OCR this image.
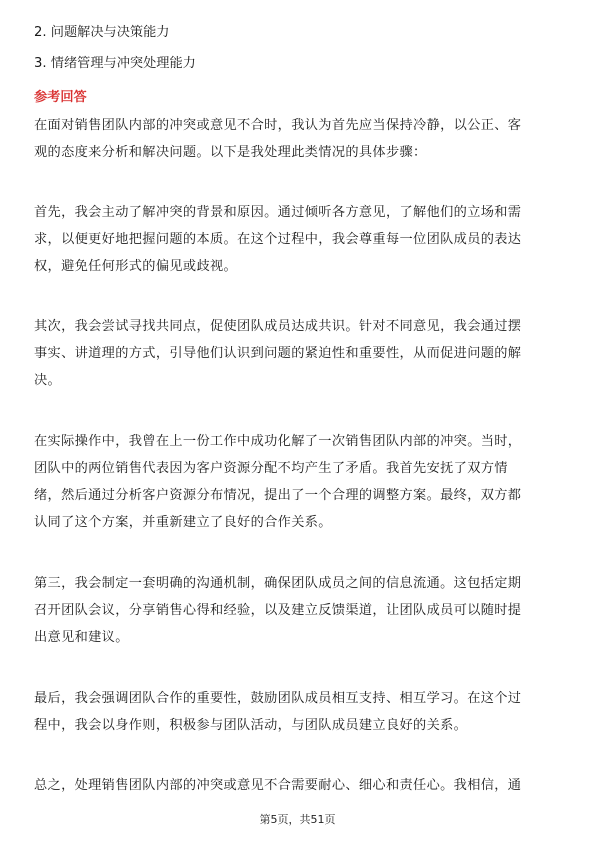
2. 问题解决与决策能力
3. 情绪管理与冲突处理能力
参考回答
在面对销售团队内部的冲突或意见不合时，我认为首先应当保持冷静，以公正、客
观的态度来分析和解决问题。以下是我处理此类情况的具体步骤：
首先，我会主动了解冲突的背景和原因。通过倾听各方意见，了解他们的立场和需
求，以便更好地把握问题的本质。在这个过程中，我会尊重每一位团队成员的表达
权，避免任何形式的偏见或歧视。
其次，我会尝试寻找共同点，促使团队成员达成共识。针对不同意见，我会通过摆
事实、讲道理的方式，引导他们认识到问题的紧迫性和重要性，从而促进问题的解
决。
在实际操作中，我曾在上一份工作中成功化解了一次销售团队内部的冲突。当时，
团队中的两位销售代表因为客户资源分配不均产生了矛盾。我首先安抚了双方情
绪，然后通过分析客户资源分布情况，提出了一个合理的调整方案。最终，双方都
认同了这个方案，并重新建立了良好的合作关系。
第三，我会制定一套明确的沟通机制，确保团队成员之间的信息流通。这包括定期
召开团队会议，分享销售心得和经验，以及建立反馈渠道，让团队成员可以随时提
出意见和建议。
最后，我会强调团队合作的重要性，鼓励团队成员相互支持、相互学习。在这个过
程中，我会以身作则，积极参与团队活动，与团队成员建立良好的关系。
总之，处理销售团队内部的冲突或意见不合需要耐心、细心和责任心。我相信，通
第5页，共51页
